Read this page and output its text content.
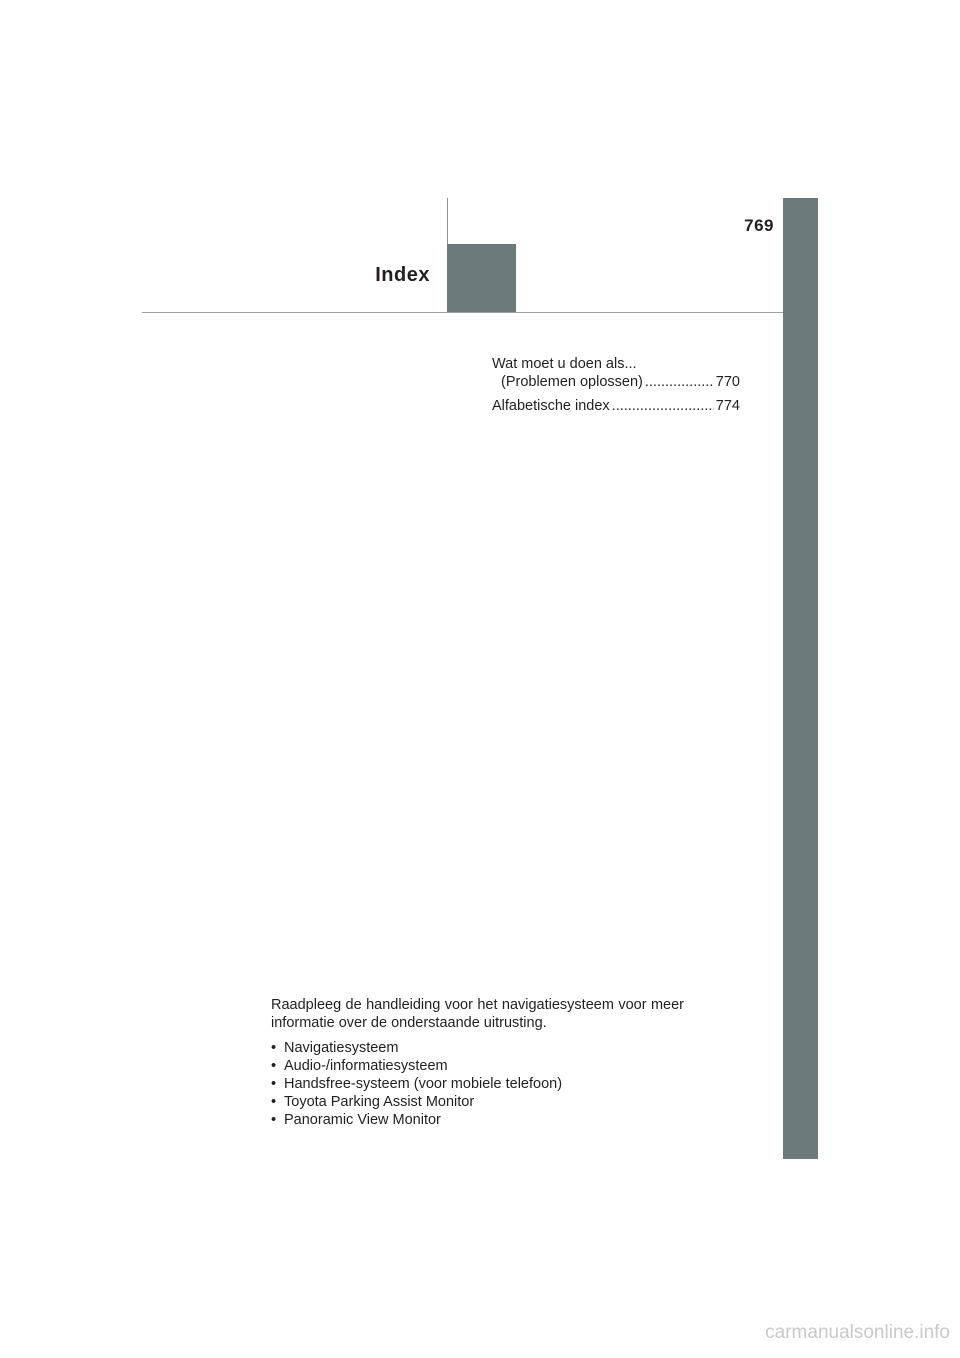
769
Index
Wat moet u doen als...
(Problemen oplossen) .....	770
Alfabetische index .....	774

Raadpleeg de handleiding voor het navigatiesysteem voor meer informatie over de onderstaande uitrusting.

• Navigatiesysteem
• Audio-/informatiesysteem
• Handsfree-systeem (voor mobiele telefoon)
• Toyota Parking Assist Monitor
• Panoramic View Monitor
carmanualsonline.info
